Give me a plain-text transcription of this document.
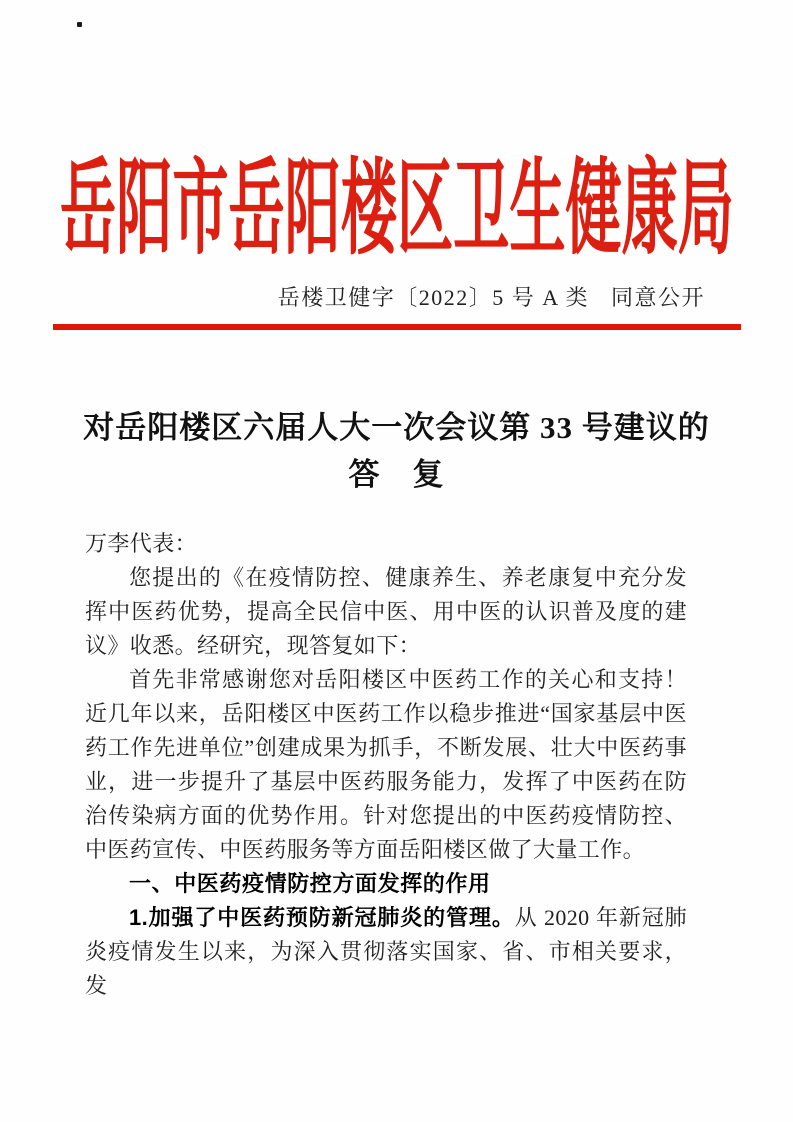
岳阳市岳阳楼区卫生健康局
岳楼卫健字〔2022〕5 号 A 类 同意公开
对岳阳楼区六届人大一次会议第 33 号建议的
答　复

万李代表：

您提出的《在疫情防控、健康养生、养老康复中充分发挥中医药优势，提高全民信中医、用中医的认识普及度的建议》收悉。经研究，现答复如下：

首先非常感谢您对岳阳楼区中医药工作的关心和支持！近几年以来，岳阳楼区中医药工作以稳步推进“国家基层中医药工作先进单位”创建成果为抓手，不断发展、壮大中医药事业，进一步提升了基层中医药服务能力，发挥了中医药在防治传染病方面的优势作用。针对您提出的中医药疫情防控、中医药宣传、中医药服务等方面岳阳楼区做了大量工作。

一、中医药疫情防控方面发挥的作用

1.加强了中医药预防新冠肺炎的管理。从 2020 年新冠肺炎疫情发生以来，为深入贯彻落实国家、省、市相关要求，发
